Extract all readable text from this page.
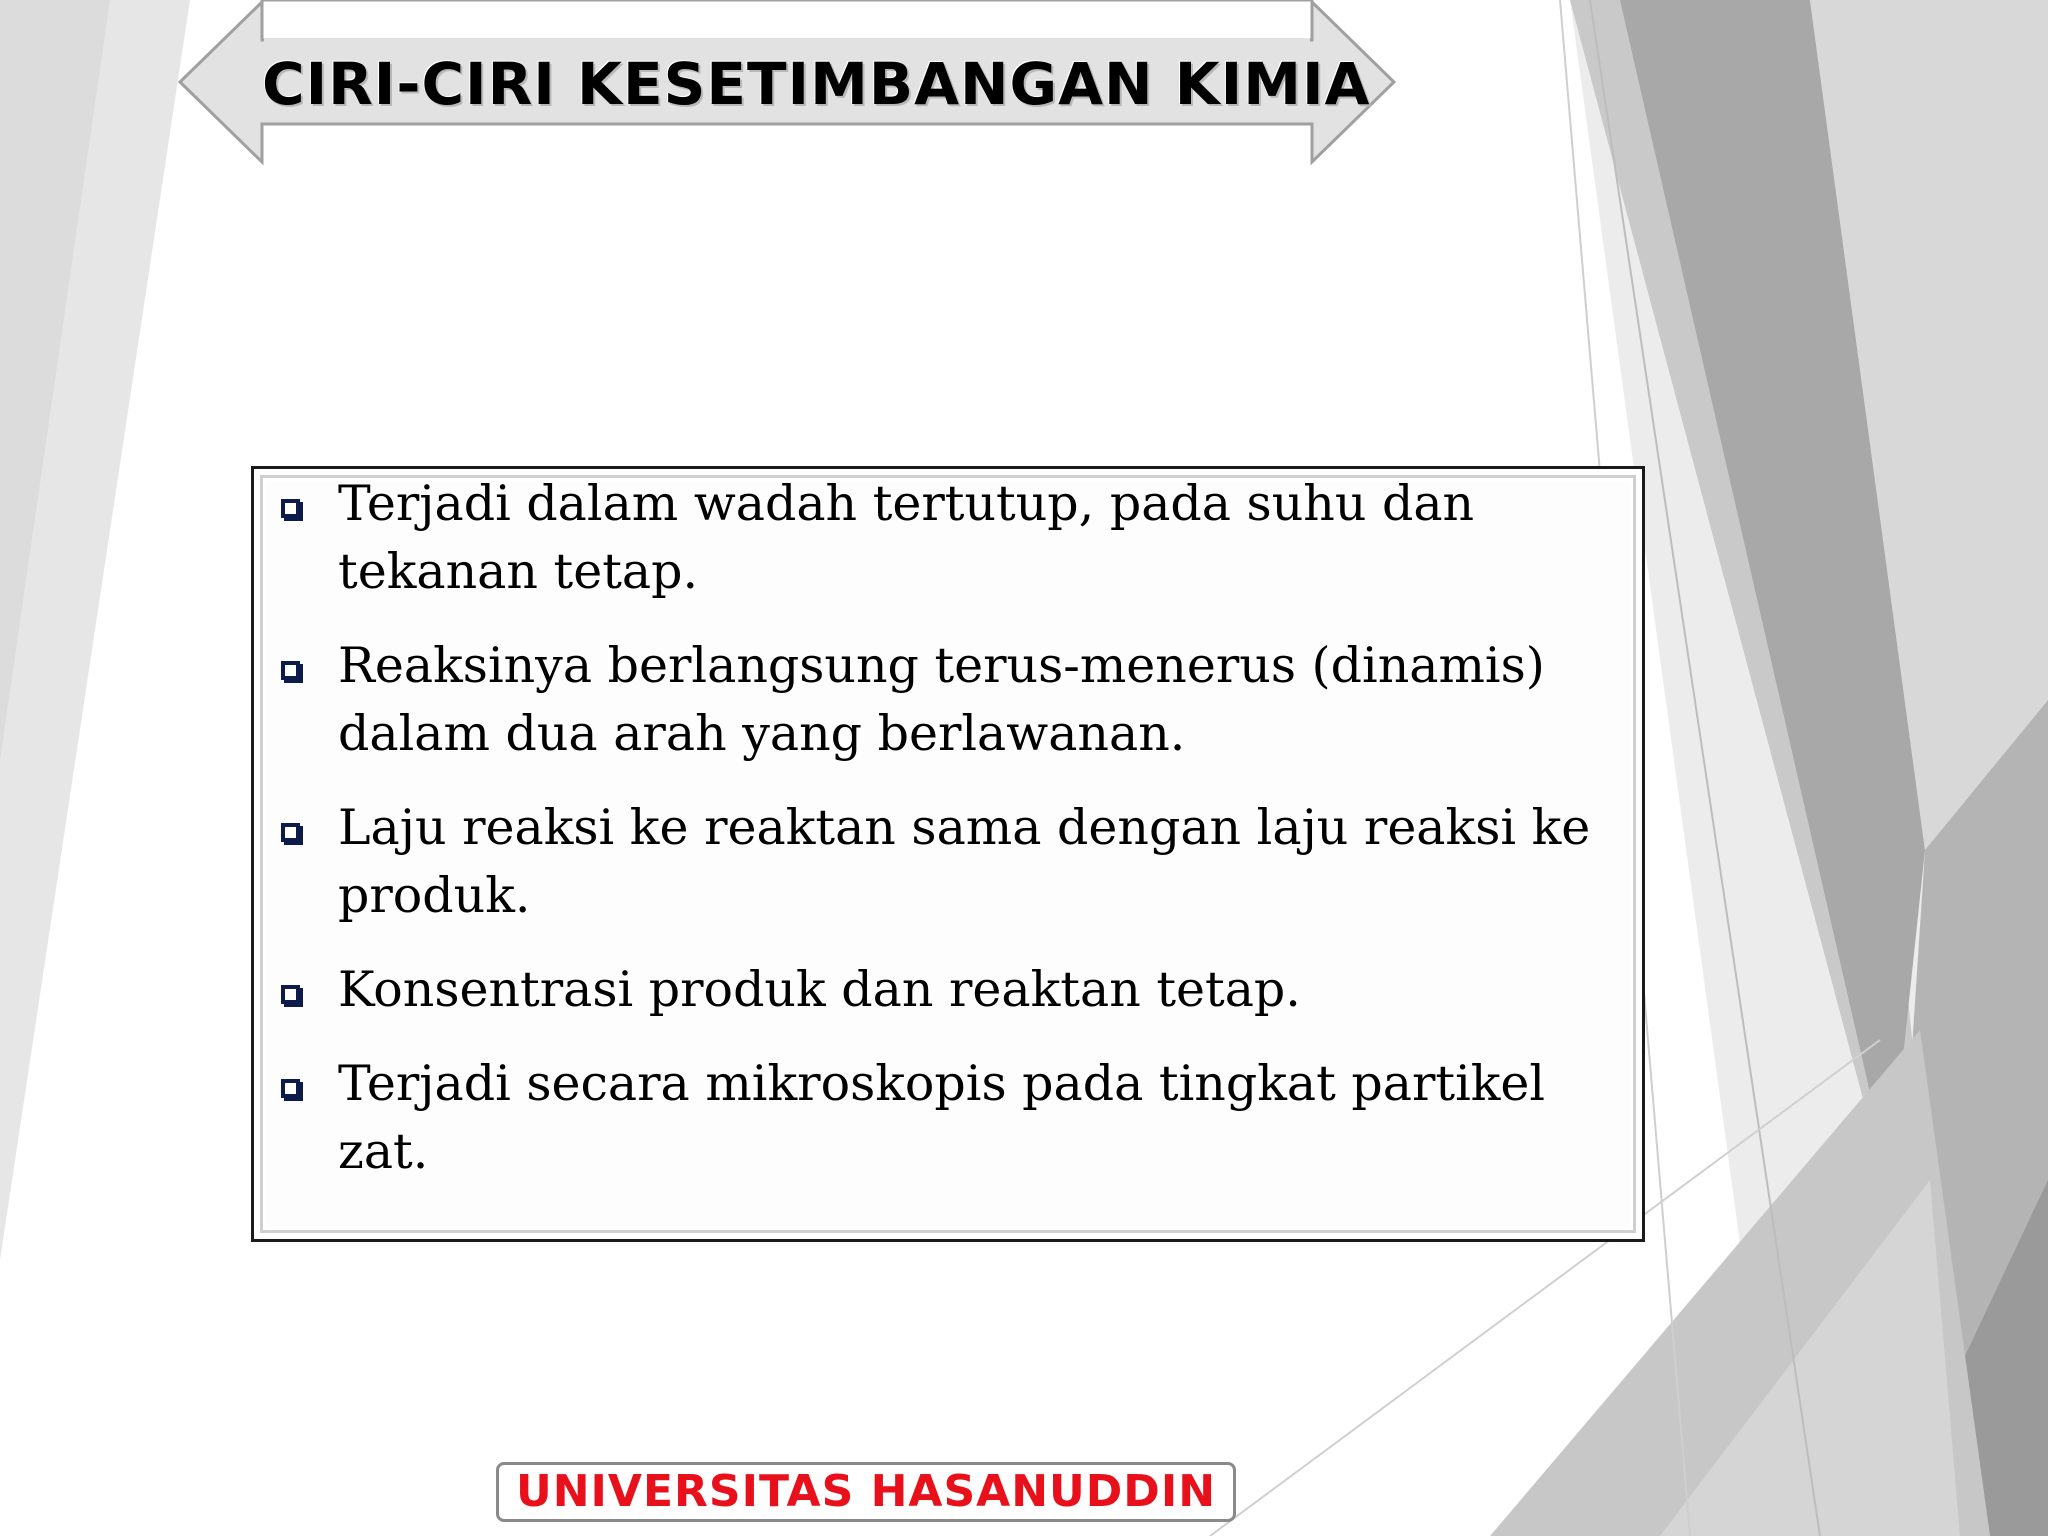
CIRI-CIRI KESETIMBANGAN KIMIA
Terjadi dalam wadah tertutup, pada suhu dan tekanan tetap.
Reaksinya berlangsung terus-menerus (dinamis) dalam dua arah yang berlawanan.
Laju reaksi ke reaktan sama dengan laju reaksi ke produk.
Konsentrasi produk dan reaktan tetap.
Terjadi secara mikroskopis pada tingkat partikel zat.
UNIVERSITAS HASANUDDIN
